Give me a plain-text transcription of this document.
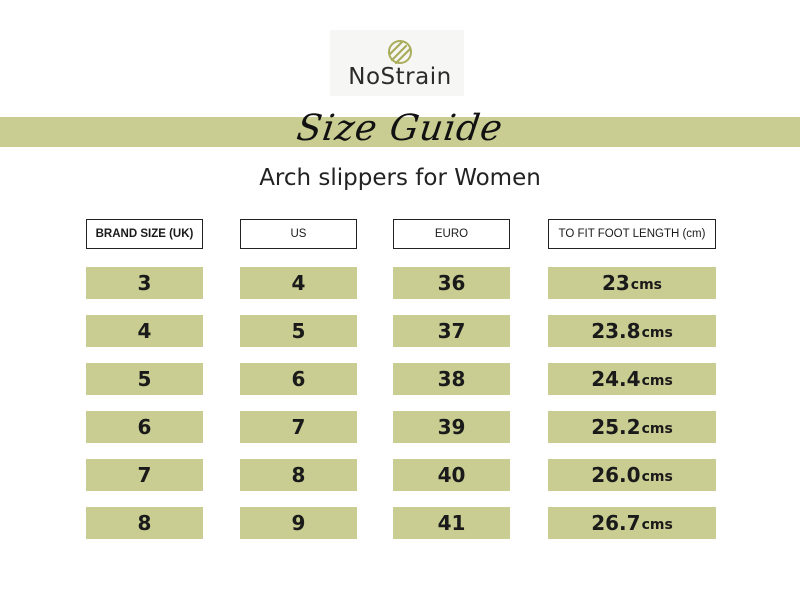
NoStrain
Size Guide
Arch slippers for Women
BRAND SIZE (UK)	US	EURO	TO FIT FOOT LENGTH (cm)
3	4	36	23 cms
4	5	37	23.8 cms
5	6	38	24.4 cms
6	7	39	25.2 cms
7	8	40	26.0 cms
8	9	41	26.7 cms
